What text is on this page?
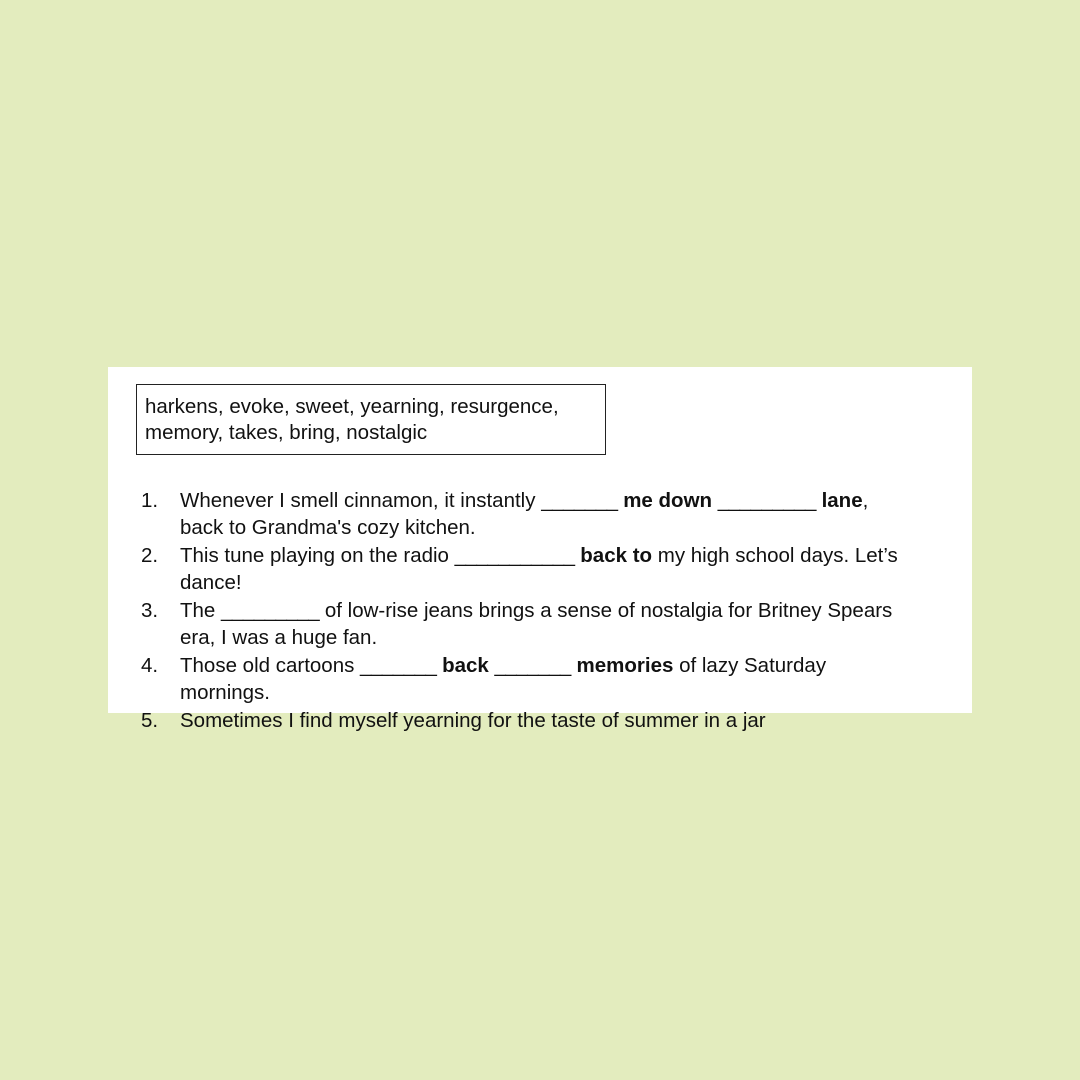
harkens, evoke, sweet, yearning, resurgence,
memory, takes, bring, nostalgic
1. Whenever I smell cinnamon, it instantly _______ me down _________ lane, back to Grandma's cozy kitchen.
2. This tune playing on the radio ___________ back to my high school days. Let’s dance!
3. The _________ of low-rise jeans brings a sense of nostalgia for Britney Spears era, I was a huge fan.
4. Those old cartoons _______ back _______ memories of lazy Saturday mornings.
5. Sometimes I find myself yearning for the taste of summer in a jar
